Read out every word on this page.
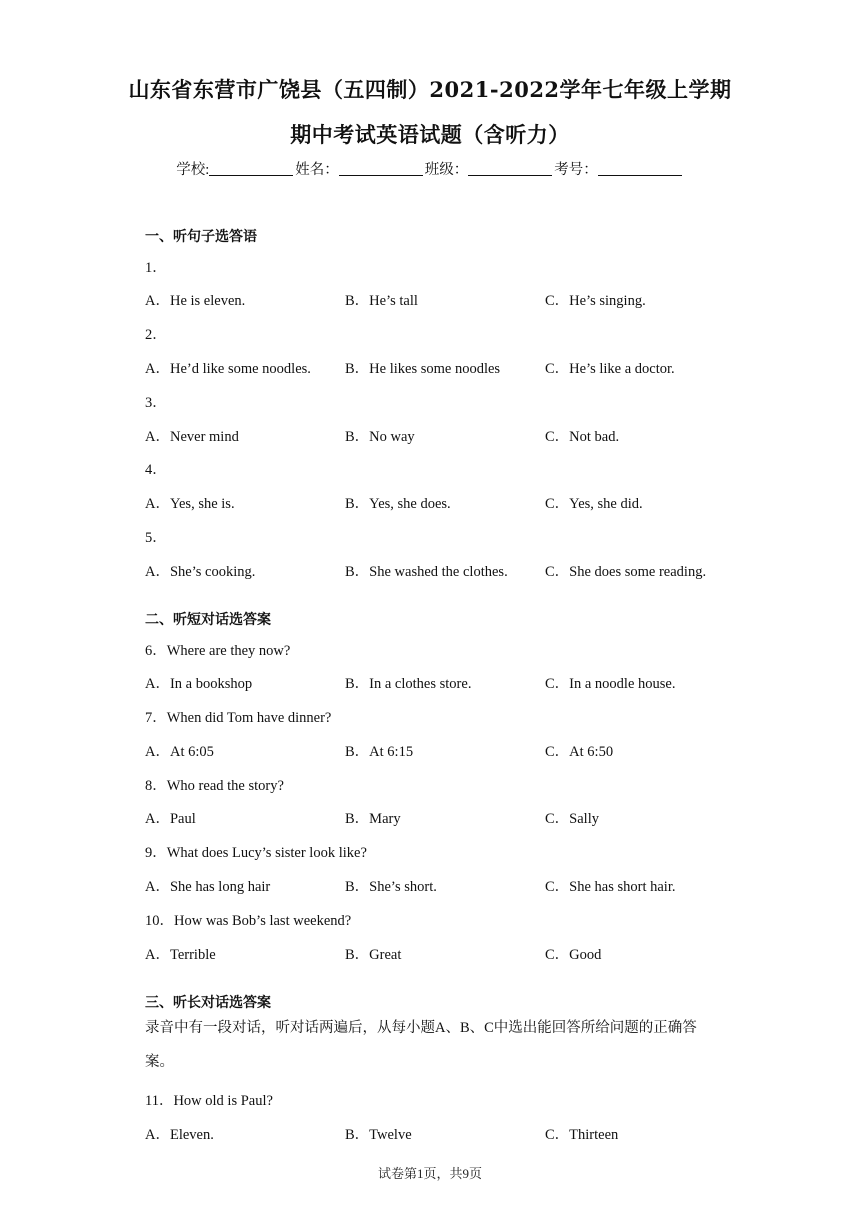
山东省东营市广饶县（五四制）2021-2022学年七年级上学期
期中考试英语试题（含听力）
学校:	姓名：	班级：	考号：
一、听句子选答语
1．
A．He is eleven.	B．He’s tall	C．He’s singing.
2．
A．He’d like some noodles. B．He likes some noodles	C．He’s like a doctor.
3．
A．Never mind	B．No way	C．Not bad.
4．
A．Yes, she is.	B．Yes, she does.	C．Yes, she did.
5．
A．She’s cooking.	B．She washed the clothes.	C．She does some reading.
二、听短对话选答案
6．Where are they now?
A．In a bookshop	B．In a clothes store.	C．In a noodle house.
7．When did Tom have dinner?
A．At 6:05	B．At 6:15	C．At 6:50
8．Who read the story?
A．Paul	B．Mary	C．Sally
9．What does Lucy’s sister look like?
A．She has long hair	B．She’s short.	C．She has short hair.
10．How was Bob’s last weekend?
A．Terrible	B．Great	C．Good
三、听长对话选答案
录音中有一段对话，听对话两遍后，从每小题A、B、C中选出能回答所给问题的正确答案。
11．How old is Paul?
A．Eleven.	B．Twelve	C．Thirteen
试卷第1页，共9页
